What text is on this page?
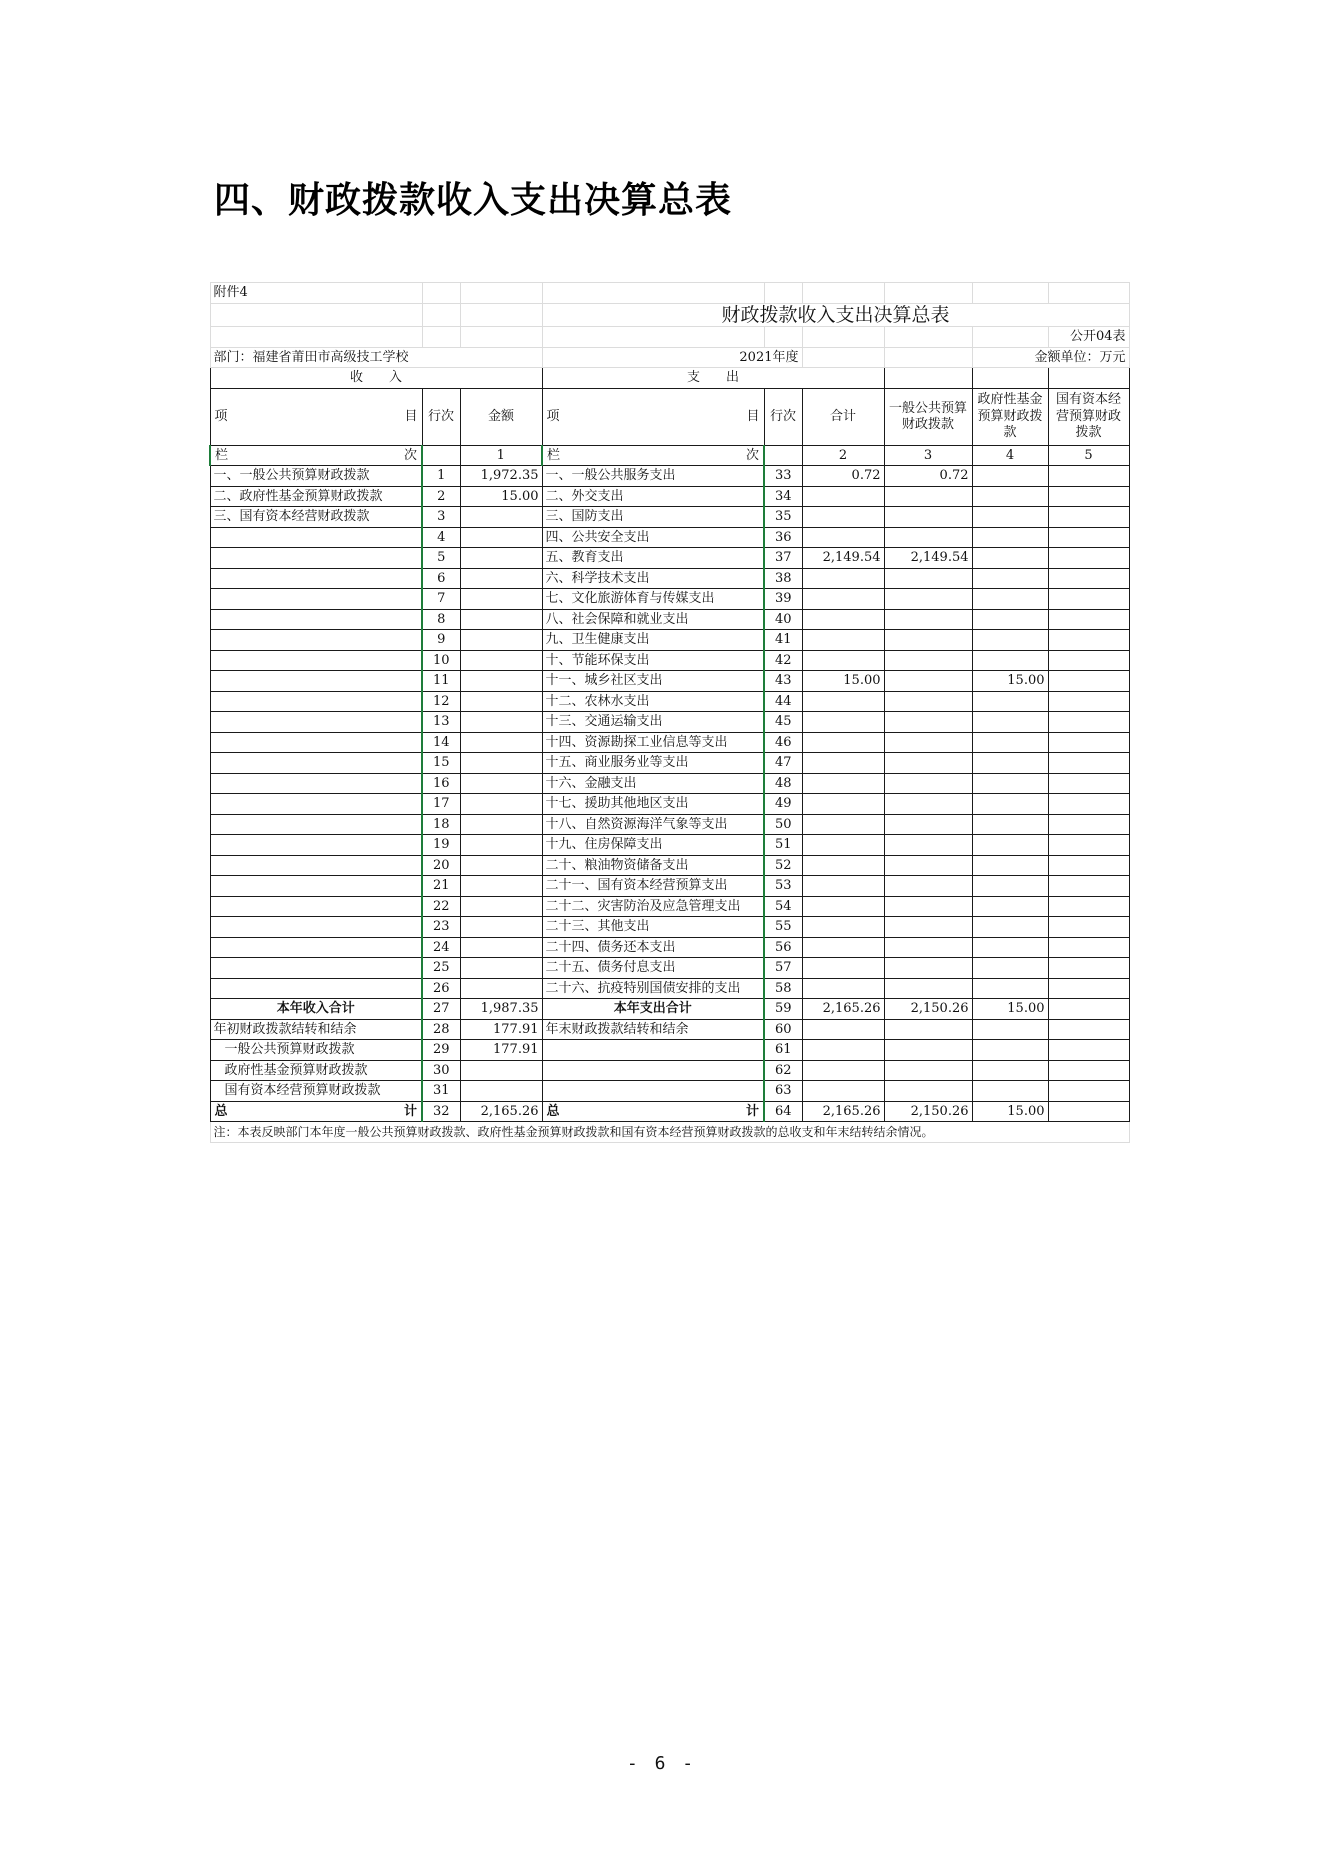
四、财政拨款收入支出决算总表
附件4								
			财政拨款收入支出决算总表					
								公开04表
部门：福建省莆田市高级技工学校			2021年度				金额单位：万元	
收　　入			支　　出					

项 目	行次	金额	项 目	行次	合计	一般公共预算财政拨款	政府性基金预算财政拨款	国有资本经营预算财政拨款

栏 次		1	栏 次		2	3	4	5
一、一般公共预算财政拨款	1	1,972.35	一、一般公共服务支出	33	0.72	0.72		
二、政府性基金预算财政拨款	2	15.00	二、外交支出	34				
三、国有资本经营财政拨款	3		三、国防支出	35				
	4		四、公共安全支出	36				
	5		五、教育支出	37	2,149.54	2,149.54		
	6		六、科学技术支出	38				
	7		七、文化旅游体育与传媒支出	39				
	8		八、社会保障和就业支出	40				
	9		九、卫生健康支出	41				
	10		十、节能环保支出	42				
	11		十一、城乡社区支出	43	15.00		15.00	
	12		十二、农林水支出	44				
	13		十三、交通运输支出	45				
	14		十四、资源勘探工业信息等支出	46				
	15		十五、商业服务业等支出	47				
	16		十六、金融支出	48				
	17		十七、援助其他地区支出	49				
	18		十八、自然资源海洋气象等支出	50				
	19		十九、住房保障支出	51				
	20		二十、粮油物资储备支出	52				
	21		二十一、国有资本经营预算支出	53				
	22		二十二、灾害防治及应急管理支出	54				
	23		二十三、其他支出	55				
	24		二十四、债务还本支出	56				
	25		二十五、债务付息支出	57				
	26		二十六、抗疫特别国债安排的支出	58				
本年收入合计	27	1,987.35	本年支出合计	59	2,165.26	2,150.26	15.00	
年初财政拨款结转和结余	28	177.91	年末财政拨款结转和结余	60				
一般公共预算财政拨款	29	177.91		61				
政府性基金预算财政拨款	30			62				
国有资本经营预算财政拨款	31			63				

总 计	32	2,165.26	总 计	64	2,165.26	2,150.26	15.00	
注：本表反映部门本年度一般公共预算财政拨款、政府性基金预算财政拨款和国有资本经营预算财政拨款的总收支和年末结转结余情况。								
- 6 -
